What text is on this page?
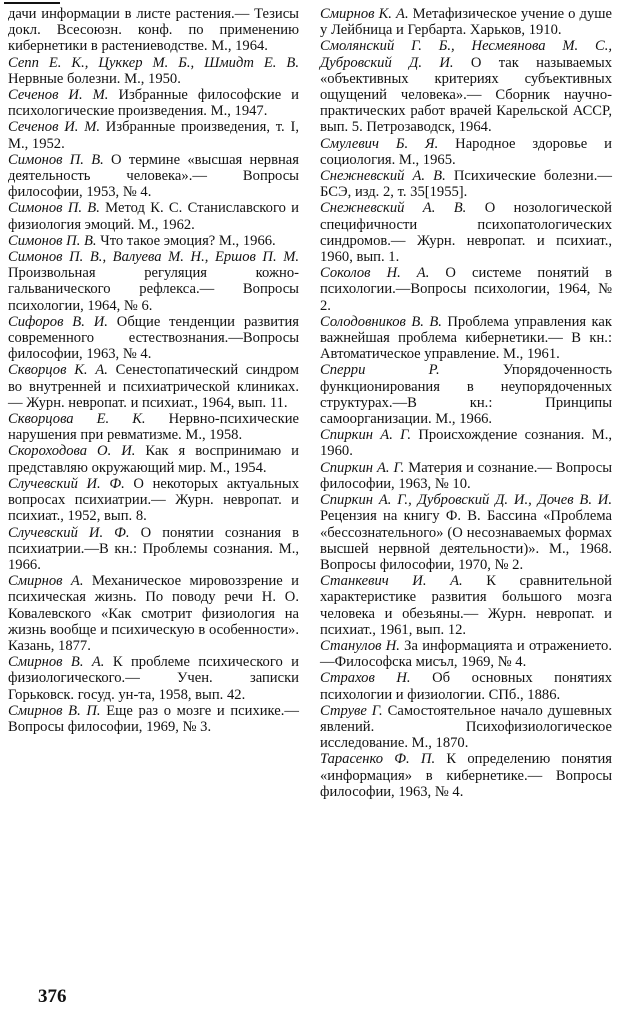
дачи информации в листе растения.— Тезисы докл. Всесоюзн. конф. по применению кибернетики в растениеводстве. М., 1964.
Сепп Е. К., Цуккер М. Б., Шмидт Е. В. Нервные болезни. М., 1950.
Сеченов И. М. Избранные философские и психологические произведения. М., 1947.
Сеченов И. М. Избранные произведения, т. I, М., 1952.
Симонов П. В. О термине «высшая нервная деятельность человека».— Вопросы философии, 1953, № 4.
Симонов П. В. Метод К. С. Станиславского и физиология эмоций. М., 1962.
Симонов П. В. Что такое эмоция? М., 1966.
Симонов П. В., Валуева М. Н., Ершов П. М. Произвольная регуляция кожно-гальванического рефлекса.— Вопросы психологии, 1964, № 6.
Сифоров В. И. Общие тенденции развития современного естествознания.—Вопросы философии, 1963, № 4.
Скворцов К. А. Сенестопатический синдром во внутренней и психиатрической клиниках. — Журн. невропат. и психиат., 1964, вып. 11.
Скворцова Е. К. Нервно-психические нарушения при ревматизме. М., 1958.
Скороходова О. И. Как я воспринимаю и представляю окружающий мир. М., 1954.
Случевский И. Ф. О некоторых актуальных вопросах психиатрии.— Журн. невропат. и психиат., 1952, вып. 8.
Случевский И. Ф. О понятии сознания в психиатрии.—В кн.: Проблемы сознания. М., 1966.
Смирнов А. Механическое мировоззрение и психическая жизнь. По поводу речи Н. О. Ковалевского «Как смотрит физиология на жизнь вообще и психическую в особенности». Казань, 1877.
Смирнов В. А. К проблеме психического и физиологического.— Учен. записки Горьковск. госуд. ун-та, 1958, вып. 42.
Смирнов В. П. Еще раз о мозге и психике.— Вопросы философии, 1969, № 3.
Смирнов К. А. Метафизическое учение о душе у Лейбница и Гербарта. Харьков, 1910.
Смолянский Г. Б., Несмеянова М. С., Дубровский Д. И. О так называемых «объективных критериях субъективных ощущений человека».— Сборник научно-практических работ врачей Карельской АССР, вып. 5. Петрозаводск, 1964.
Смулевич Б. Я. Народное здоровье и социология. М., 1965.
Снежневский А. В. Психические болезни.— БСЭ, изд. 2, т. 35[1955].
Снежневский А. В. О нозологической специфичности психопатологических синдромов.— Журн. невропат. и психиат., 1960, вып. 1.
Соколов Н. А. О системе понятий в психологии.—Вопросы психологии, 1964, № 2.
Солодовников В. В. Проблема управления как важнейшая проблема кибернетики.— В кн.: Автоматическое управление. М., 1961.
Сперри Р. Упорядоченность функционирования в неупорядоченных структурах.—В кн.: Принципы самоорганизации. М., 1966.
Спиркин А. Г. Происхождение сознания. М., 1960.
Спиркин А. Г. Материя и сознание.— Вопросы философии, 1963, № 10.
Спиркин А. Г., Дубровский Д. И., Дочев В. И. Рецензия на книгу Ф. В. Бассина «Проблема «бессознательного» (О несознаваемых формах высшей нервной деятельности)». М., 1968. Вопросы философии, 1970, № 2.
Станкевич И. А. К сравнительной характеристике развития большого мозга человека и обезьяны.— Журн. невропат. и психиат., 1961, вып. 12.
Станулов Н. За информацията и отражението.—Философска мисъл, 1969, № 4.
Страхов Н. Об основных понятиях психологии и физиологии. СПб., 1886.
Струве Г. Самостоятельное начало душевных явлений. Психофизиологическое исследование. М., 1870.
Тарасенко Ф. П. К определению понятия «информация» в кибернетике.— Вопросы философии, 1963, № 4.
376
